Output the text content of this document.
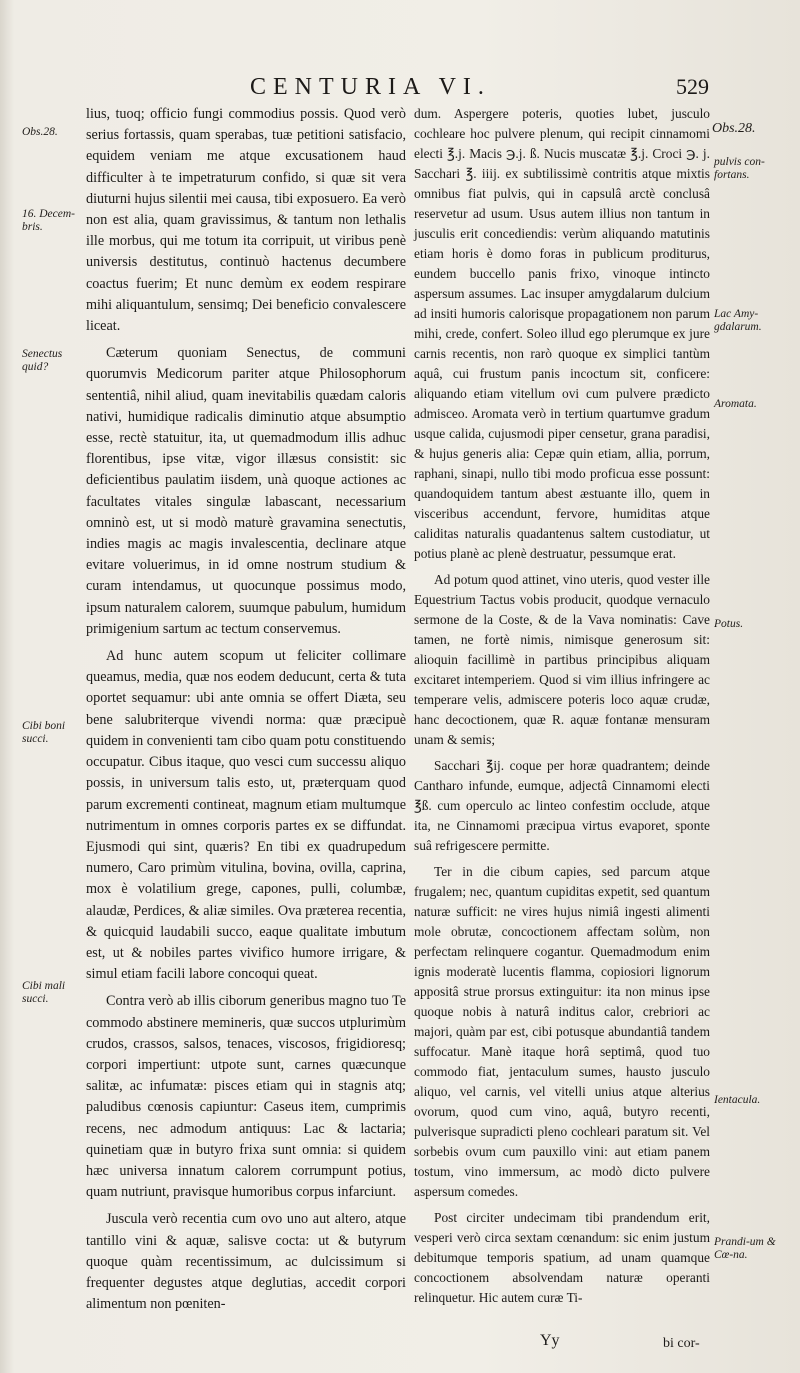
CENTURIA VI.	529
Obs.28.
16. Decem-bris.
Senectus quid?
Cibi boni succi.
Cibi mali succi.

lius, tuoq; officio fungi commodius possis. Quod verò serius fortassis, quam sperabas, tuæ petitioni satisfacio, equidem veniam me atque excusationem haud difficulter à te impetraturum confido, si quæ sit vera diuturni hujus silentii mei causa, tibi exposuero. Ea verò non est alia, quam gravissimus, & tantum non lethalis ille morbus, qui me totum ita corripuit, ut viribus penè universis destitutus, continuò hactenus decumbere coactus fuerim; Et nunc demùm ex eodem respirare mihi aliquantulum, sensimq; Dei beneficio convalescere liceat.

Cæterum quoniam Senectus, de communi quorumvis Medicorum pariter atque Philosophorum sententiâ, nihil aliud, quam inevitabilis quædam caloris nativi, humidique radicalis diminutio atque absumptio esse, rectè statuitur, ita, ut quemadmodum illis adhuc florentibus, ipse vitæ, vigor illæsus consistit: sic deficientibus paulatim iisdem, unà quoque actiones ac facultates vitales singulæ labascant, necessarium omninò est, ut si modò maturè gravamina senectutis, indies magis ac magis invalescentia, declinare atque evitare voluerimus, in id omne nostrum studium & curam intendamus, ut quocunque possimus modo, ipsum naturalem calorem, suumque pabulum, humidum primigenium sartum ac tectum conservemus.

Ad hunc autem scopum ut feliciter collimare queamus, media, quæ nos eodem deducunt, certa & tuta oportet sequamur: ubi ante omnia se offert Diæta, seu bene salubriterque vivendi norma: quæ præcipuè quidem in convenienti tam cibo quam potu constituendo occupatur. Cibus itaque, quo vesci cum successu aliquo possis, in universum talis esto, ut, præterquam quod parum excrementi contineat, magnum etiam multumque nutrimentum in omnes corporis partes ex se diffundat. Ejusmodi qui sint, quæris? En tibi ex quadrupedum numero, Caro primùm vitulina, bovina, ovilla, caprina, mox è volatilium grege, capones, pulli, columbæ, alaudæ, Perdices, & aliæ similes. Ova præterea recentia, & quicquid laudabili succo, eaque qualitate imbutum est, ut & nobiles partes vivifico humore irrigare, & simul etiam facili labore concoqui queat.

Contra verò ab illis ciborum generibus magno tuo Te commodo abstinere memineris, quæ succos utplurimùm crudos, crassos, salsos, tenaces, viscosos, frigidioresq; corpori impertiunt: utpote sunt, carnes quæcunque salitæ, ac infumatæ: pisces etiam qui in stagnis atq; paludibus cœnosis capiuntur: Caseus item, cumprimis recens, nec admodum antiquus: Lac & lactaria; quinetiam quæ in butyro frixa sunt omnia: si quidem hæc universa innatum calorem corrumpunt potius, quam nutriunt, pravisque humoribus corpus infarciunt.

Juscula verò recentia cum ovo uno aut altero, atque tantillo vini & aquæ, salisve cocta: ut & butyrum quoque quàm recentissimum, ac dulcissimum si frequenter degustes atque deglutias, accedit corpori alimentum non pœniten-

dum. Aspergere poteris, quoties lubet, jusculo cochleare hoc pulvere plenum, qui recipit cinnamomi electi ℥.j. Macis ℈.j. ß. Nucis muscatæ ℥.j. Croci ℈. j. Sacchari ℥. iiij. ex subtilissimè contritis atque mixtis omnibus fiat pulvis, qui in capsulâ arctè conclusâ reservetur ad usum. Usus autem illius non tantum in jusculis erit concediendis: verùm aliquando matutinis etiam horis è domo foras in publicum proditurus, eundem buccello panis frixo, vinoque intincto aspersum assumes. Lac insuper amygdalarum dulcium ad insiti humoris calorisque propagationem non parum mihi, crede, confert. Soleo illud ego plerumque ex jure carnis recentis, non rarò quoque ex simplici tantùm aquâ, cui frustum panis incoctum sit, conficere: aliquando etiam vitellum ovi cum pulvere prædicto admisceo. Aromata verò in tertium quartumve gradum usque calida, cujusmodi piper censetur, grana paradisi, & hujus generis alia: Cepæ quin etiam, allia, porrum, raphani, sinapi, nullo tibi modo proficua esse possunt: quandoquidem tantum abest æstuante illo, quem in visceribus accendunt, fervore, humiditas atque caliditas naturalis quadantenus saltem custodiatur, ut potius planè ac plenè destruatur, pessumque erat.

Ad potum quod attinet, vino uteris, quod vester ille Equestrium Tactus vobis producit, quodque vernaculo sermone de la Coste, & de la Vava nominatis: Cave tamen, ne fortè nimis, nimisque generosum sit: alioquin facillimè in partibus principibus aliquam excitaret intemperiem. Quod si vim illius infringere ac temperare velis, admiscere poteris loco aquæ crudæ, hanc decoctionem, quæ R. aquæ fontanæ mensuram unam & semis;

Sacchari ℥ij. coque per horæ quadrantem; deinde Cantharo infunde, eumque, adjectâ Cinnamomi electi ℥ß. cum operculo ac linteo confestim occlude, atque ita, ne Cinnamomi præcipua virtus evaporet, sponte suâ refrigescere permitte.

Ter in die cibum capies, sed parcum atque frugalem; nec, quantum cupiditas expetit, sed quantum naturæ sufficit: ne vires hujus nimiâ ingesti alimenti mole obrutæ, concoctionem affectam solùm, non perfectam relinquere cogantur. Quemadmodum enim ignis moderatè lucentis flamma, copiosiori lignorum appositâ strue prorsus extinguitur: ita non minus ipse quoque nobis à naturâ inditus calor, crebriori ac majori, quàm par est, cibi potusque abundantiâ tandem suffocatur. Manè itaque horâ septimâ, quod tuo commodo fiat, jentaculum sumes, hausto jusculo aliquo, vel carnis, vel vitelli unius atque alterius ovorum, quod cum vino, aquâ, butyro recenti, pulverisque supradicti pleno cochleari paratum sit. Vel sorbebis ovum cum pauxillo vini: aut etiam panem tostum, vino immersum, ac modò dicto pulvere aspersum comedes.

Post circiter undecimam tibi prandendum erit, vesperi verò circa sextam cœnandum: sic enim justum debitumque temporis spatium, ad unam quamque concoctionem absolvendam naturæ operanti relinquetur. Hic autem curæ Ti-

Obs.28.
pulvis con-fortans.
Lac Amy-gdalarum.
Aromata.
Potus.
Ientacula.
Prandi-um & Cœ-na.
Yy	bi cor-
